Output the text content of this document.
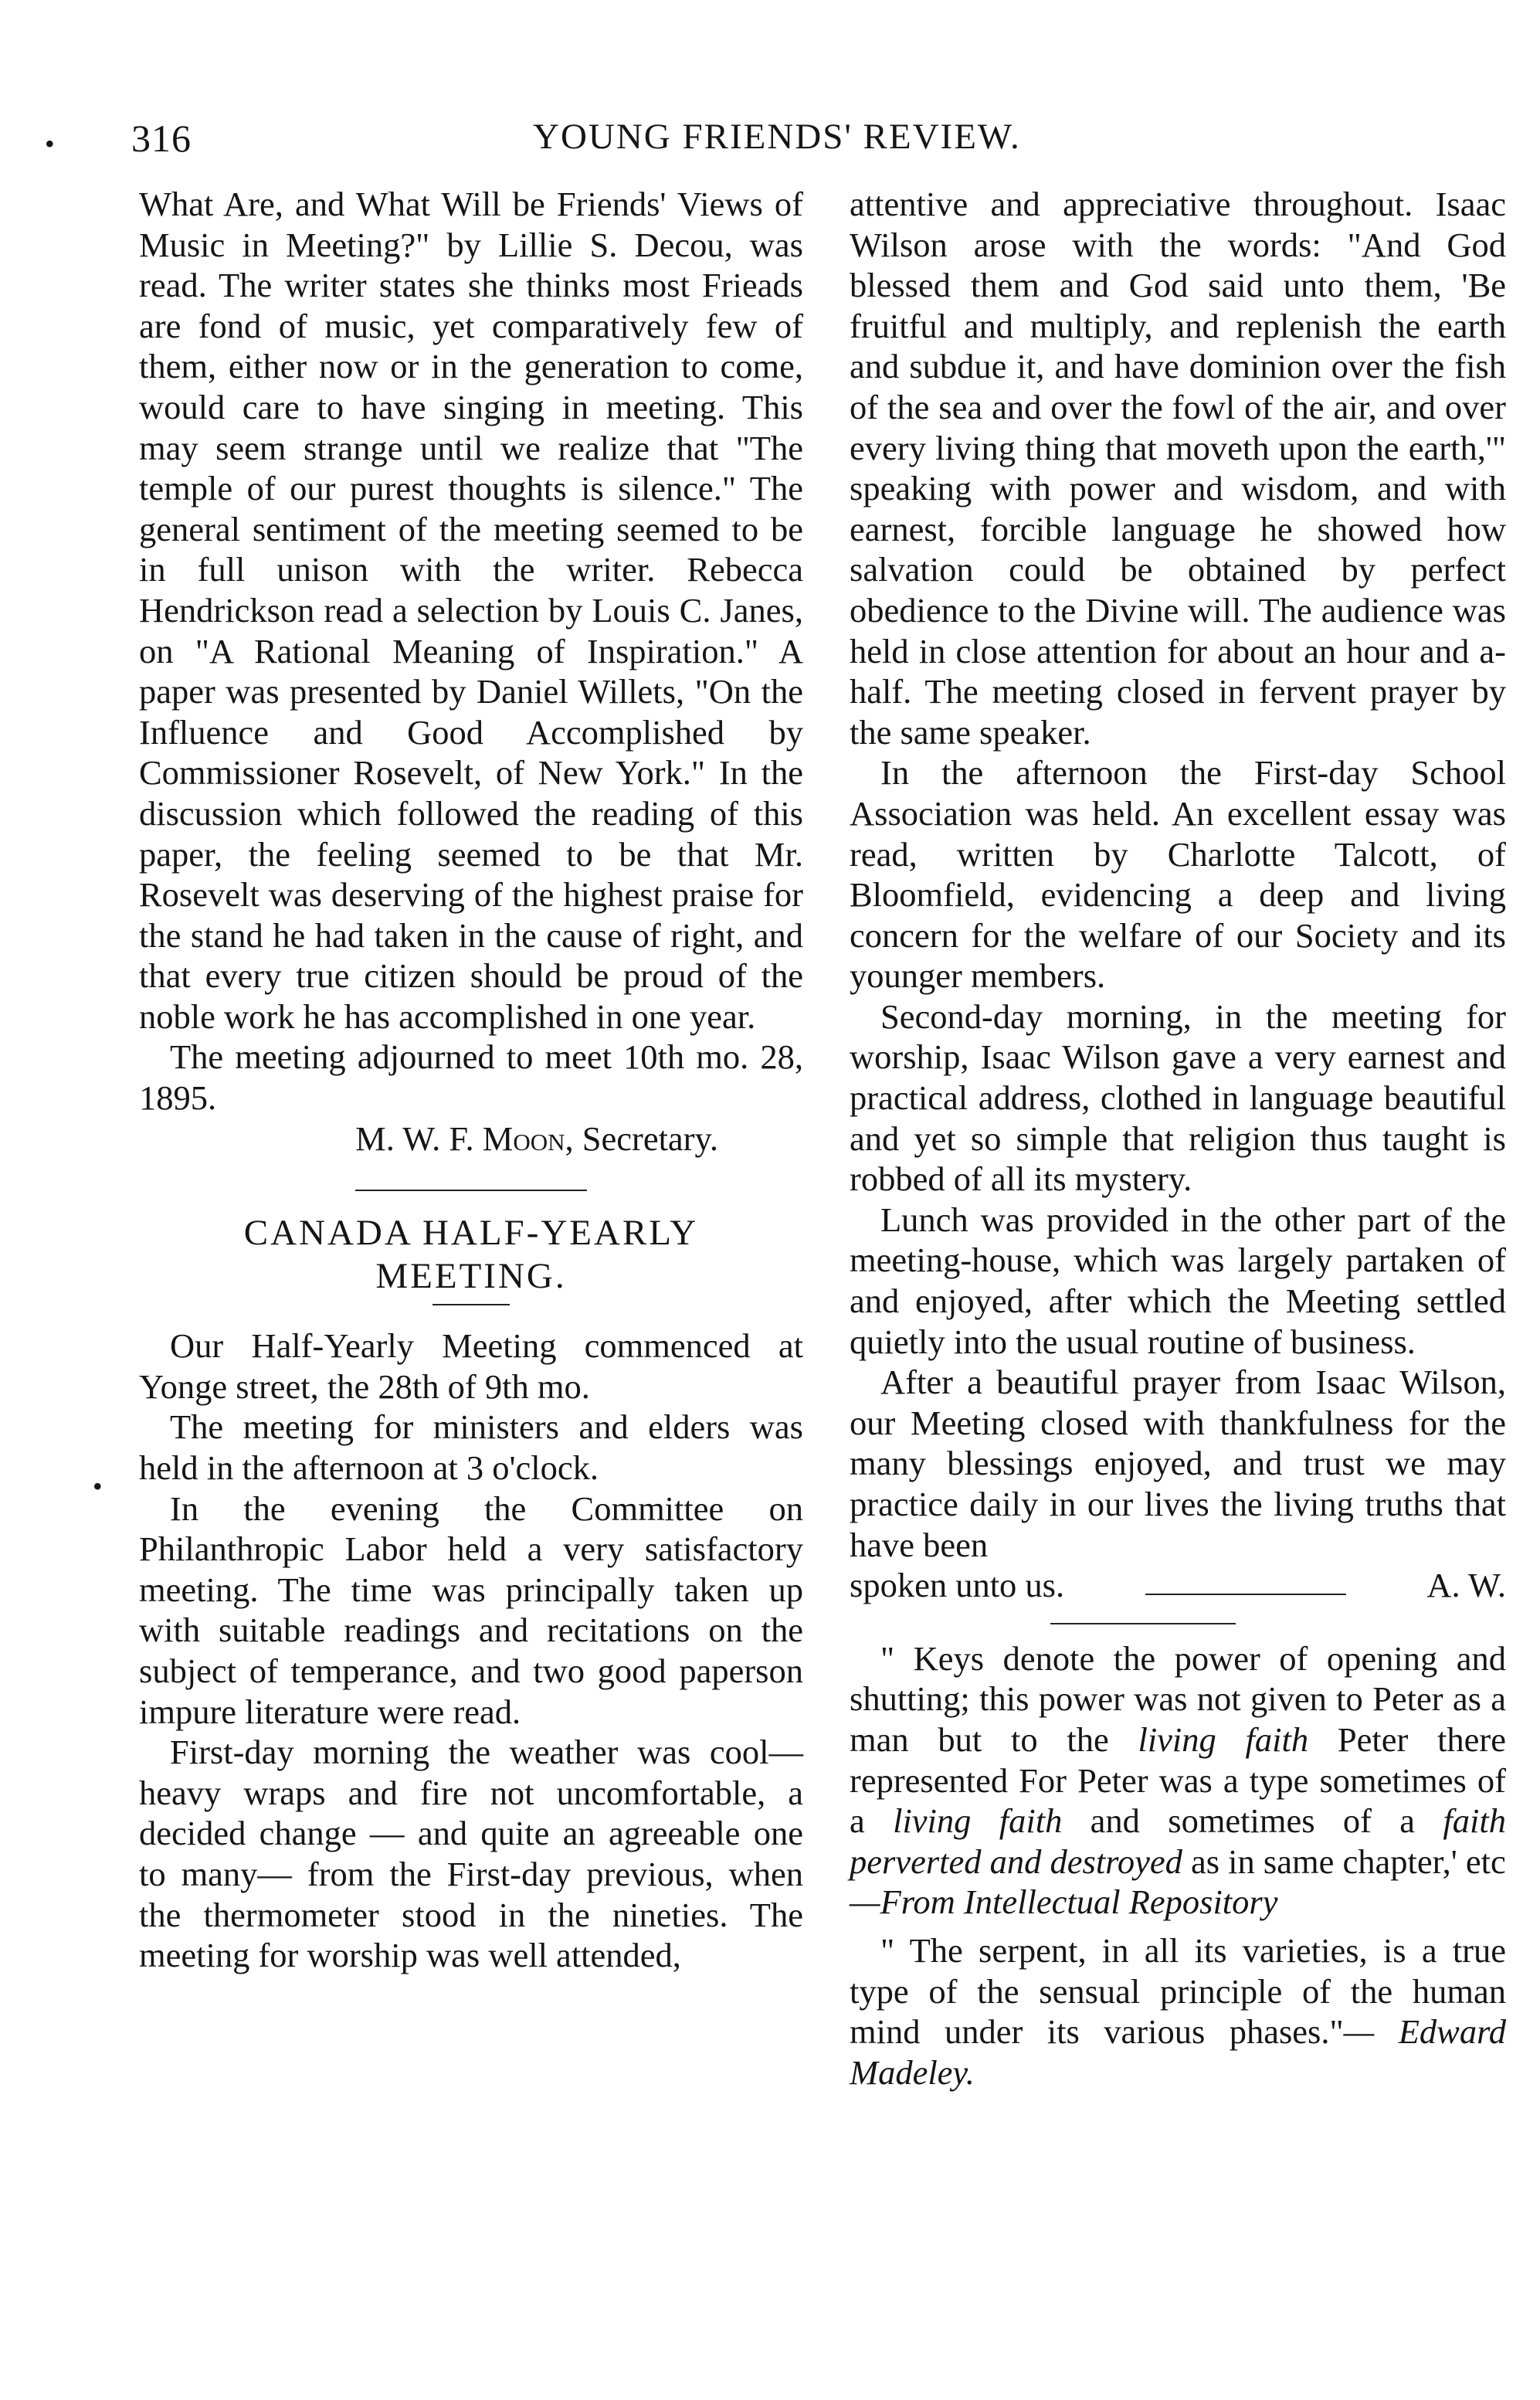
•
•
316	YOUNG FRIENDS' REVIEW.

What Are, and What Will be Friends' Views of Music in Meeting?" by Lillie S. Decou, was read. The writer states she thinks most Frieads are fond of music, yet comparatively few of them, either now or in the generation to come, would care to have singing in meeting. This may seem strange until we realize that "The temple of our purest thoughts is silence." The general sentiment of the meeting seemed to be in full unison with the writer. Rebecca Hendrickson read a selection by Louis C. Janes, on "A Rational Meaning of Inspiration." A paper was presented by Daniel Willets, "On the Influence and Good Accomplished by Commissioner Rosevelt, of New York." In the discussion which followed the reading of this paper, the feeling seemed to be that Mr. Rosevelt was deserving of the highest praise for the stand he had taken in the cause of right, and that every true citizen should be proud of the noble work he has accomplished in one year.

The meeting adjourned to meet 10th mo. 28, 1895.

M. W. F. Moon, Secretary.

CANADA HALF-YEARLY

MEETING.

Our Half-Yearly Meeting commenced at Yonge street, the 28th of 9th mo.

The meeting for ministers and elders was held in the afternoon at 3 o'clock.

In the evening the Committee on Philanthropic Labor held a very satisfactory meeting. The time was principally taken up with suitable readings and recitations on the subject of temperance, and two good paperson impure literature were read.

First-day morning the weather was cool—heavy wraps and fire not uncomfortable, a decided change — and quite an agreeable one to many— from the First-day previous, when the thermometer stood in the nineties. The meeting for worship was well attended,

attentive and appreciative throughout. Isaac Wilson arose with the words: "And God blessed them and God said unto them, 'Be fruitful and multiply, and replenish the earth and subdue it, and have dominion over the fish of the sea and over the fowl of the air, and over every living thing that moveth upon the earth,'" speaking with power and wisdom, and with earnest, forcible language he showed how salvation could be obtained by perfect obedience to the Divine will. The audience was held in close attention for about an hour and a-half. The meeting closed in fervent prayer by the same speaker.

In the afternoon the First-day School Association was held. An excellent essay was read, written by Charlotte Talcott, of Bloomfield, evidencing a deep and living concern for the welfare of our Society and its younger members.

Second-day morning, in the meeting for worship, Isaac Wilson gave a very earnest and practical address, clothed in language beautiful and yet so simple that religion thus taught is robbed of all its mystery.

Lunch was provided in the other part of the meeting-house, which was largely partaken of and enjoyed, after which the Meeting settled quietly into the usual routine of business.

After a beautiful prayer from Isaac Wilson, our Meeting closed with thankfulness for the many blessings enjoyed, and trust we may practice daily in our lives the living truths that have been

spoken unto us.	A. W.

" Keys denote the power of opening and shutting; this power was not given to Peter as a man but to the living faith Peter there represented For Peter was a type sometimes of a living faith and sometimes of a faith perverted and destroyed as in same chapter,' etc
—From Intellectual Repository

" The serpent, in all its varieties, is a true type of the sensual principle of the human mind under its various phases."— Edward Madeley.
